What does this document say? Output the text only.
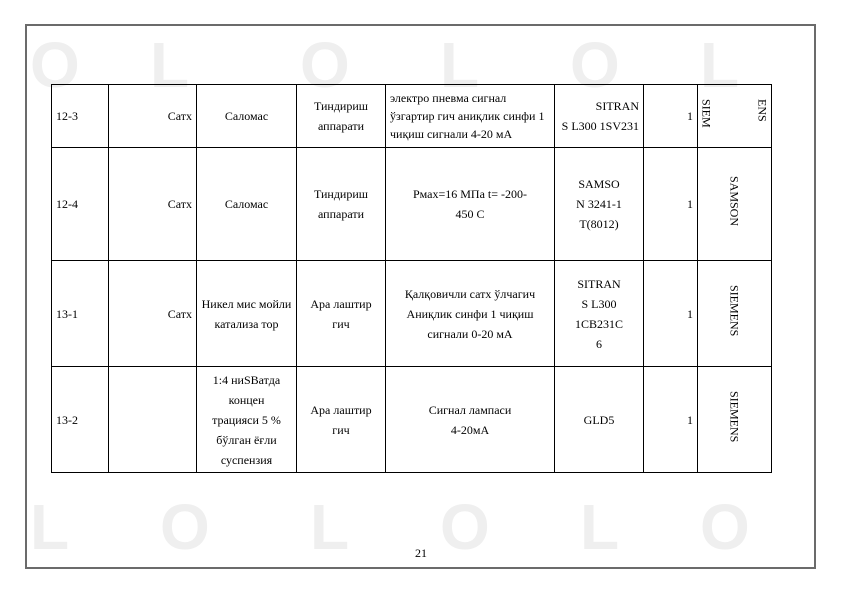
O L O L O L
L O L O L O
12-3	Сатх	Саломас	Тиндириш
аппарати	электро пневма сигнал
ўзгартир гич аниқлик синфи 1
чиқиш сигнали 4-20 мА	SITRAN
S L300 1SV231	1	ENS

SIEM
12-4	Сатх	Саломас	Тиндириш
аппарати	Pмах=16 МПа t= -200-
450 С	SAMSO
N 3241-1
T(8012)	1	SAMSON
13-1	Сатх	Никел мис мойли
катализа тор	Ара лаштир
гич	Қалқовичли сатх ўлчагич
Аниқлик синфи 1 чиқиш
сигнали 0-20 мА	SITRAN
S L300
1CB231C
6	1	SIEMENS
13-2		1:4 ниSВатда
концен
трацияси 5 %
бўлган ёғли
суспензия	Ара лаштир
гич	Сигнал лампаси
4-20мА	GLD5	1	SIEMENS
21
